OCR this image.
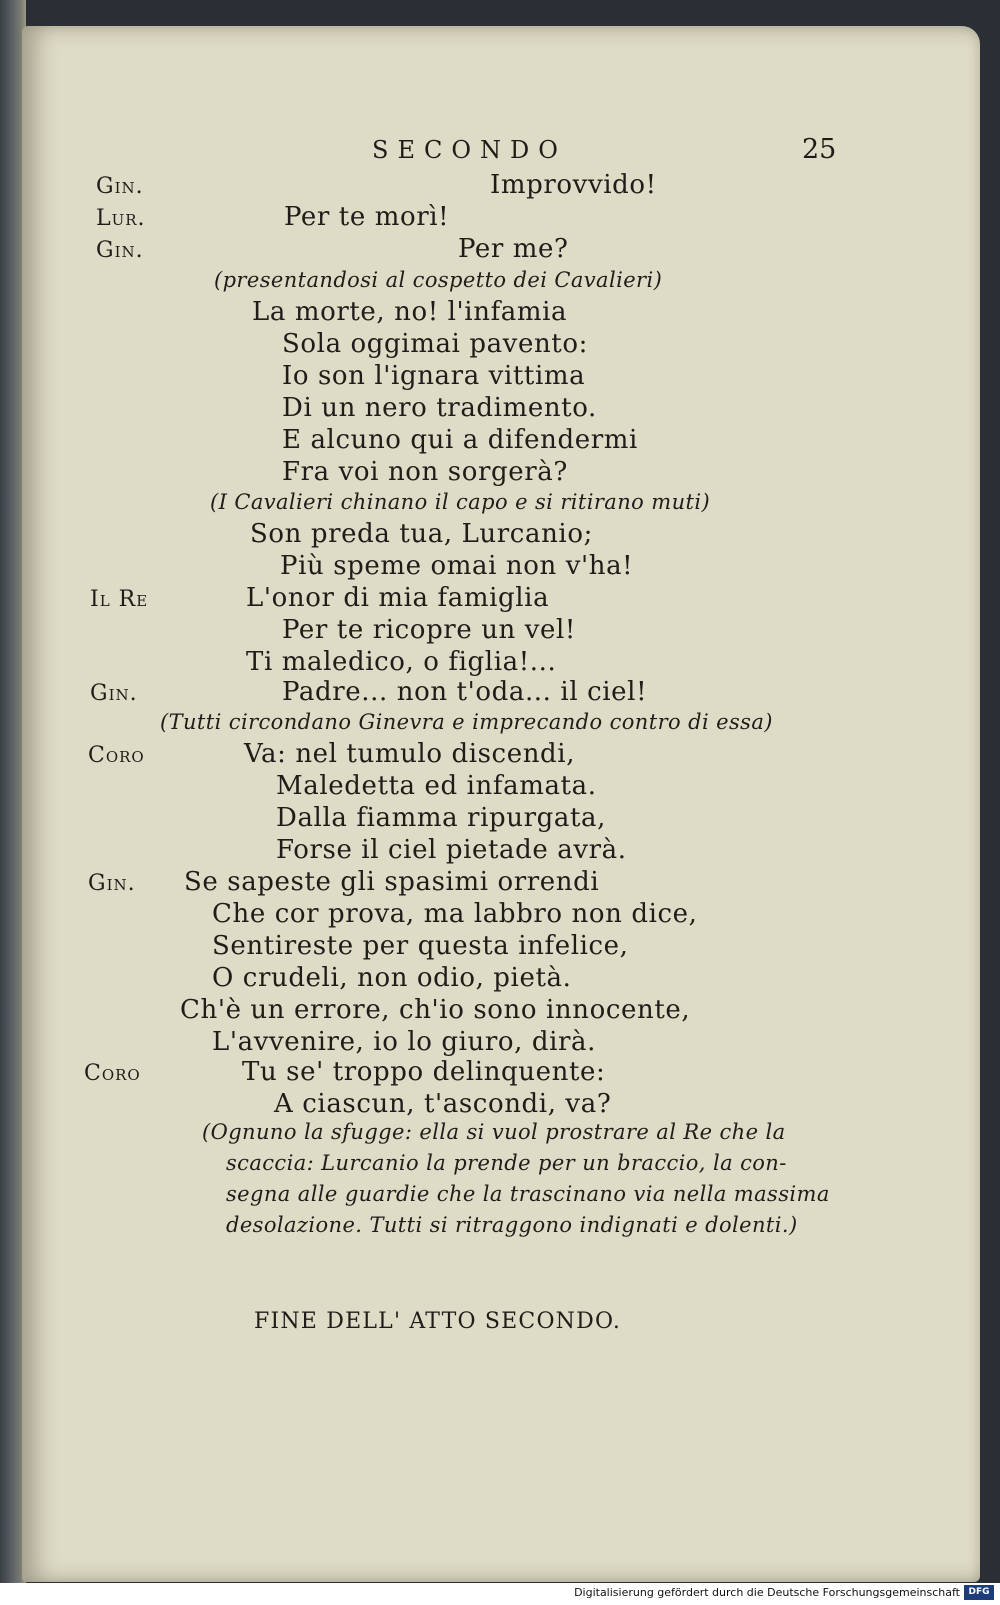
SECONDO	25
Gin.	Improvvido!
Lur.	Per te morì!
Gin.	Per me?
(presentandosi al cospetto dei Cavalieri)
La morte, no! l'infamia
Sola oggimai pavento:
Io son l'ignara vittima
Di un nero tradimento.
E alcuno qui a difendermi
Fra voi non sorgerà?
(I Cavalieri chinano il capo e si ritirano muti)
Son preda tua, Lurcanio;
Più speme omai non v'ha!
Il Re	L'onor di mia famiglia
Per te ricopre un vel!
Ti maledico, o figlia!...
Gin.	Padre... non t'oda... il ciel!
(Tutti circondano Ginevra e imprecando contro di essa)
Coro	Va: nel tumulo discendi,
Maledetta ed infamata.
Dalla fiamma ripurgata,
Forse il ciel pietade avrà.
Gin. Se sapeste gli spasimi orrendi
Che cor prova, ma labbro non dice,
Sentireste per questa infelice,
O crudeli, non odio, pietà.
Ch'è un errore, ch'io sono innocente,
L'avvenire, io lo giuro, dirà.
Coro	Tu se' troppo delinquente:
A ciascun, t'ascondi, va?
(Ognuno la sfugge: ella si vuol prostrare al Re che la
scaccia: Lurcanio la prende per un braccio, la con-
segna alle guardie che la trascinano via nella massima
desolazione. Tutti si ritraggono indignati e dolenti.)
FINE DELL' ATTO SECONDO.
Digitalisierung gefördert durch die Deutsche Forschungsgemeinschaft DFG
